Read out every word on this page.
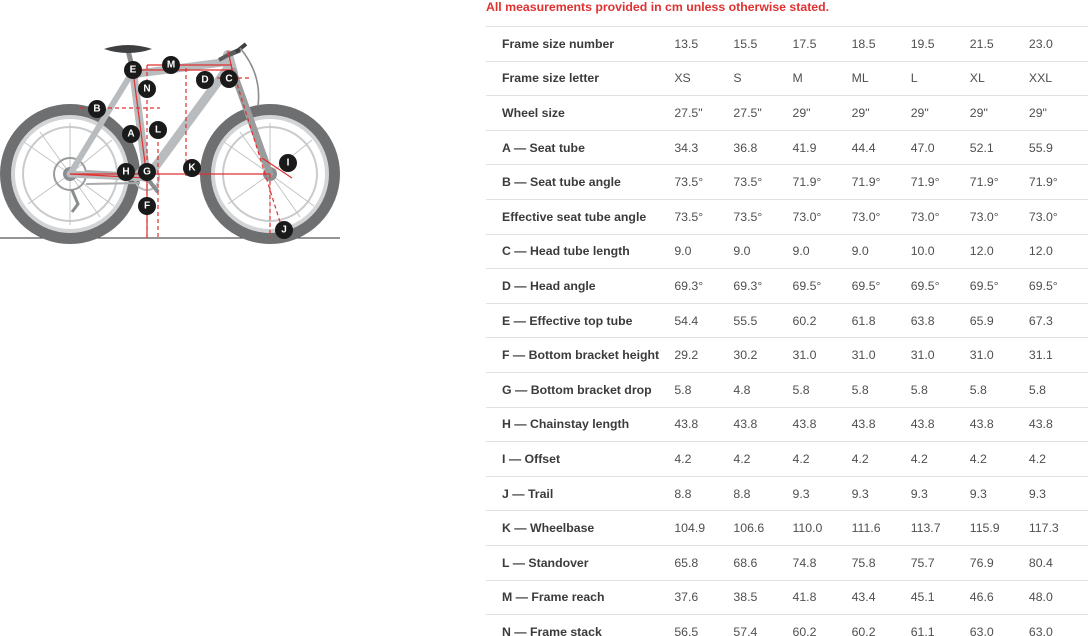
E	M
N
D C
B
A L
H G	K	I
F
J
All measurements provided in cm unless otherwise stated.
Frame size number	13.5	15.5	17.5	18.5	19.5	21.5	23.0
Frame size letter	XS	S	M	ML	L	XL	XXL
Wheel size	27.5"	27.5"	29"	29"	29"	29"	29"
A — Seat tube	34.3	36.8	41.9	44.4	47.0	52.1	55.9
B — Seat tube angle	73.5°	73.5°	71.9°	71.9°	71.9°	71.9°	71.9°
Effective seat tube angle	73.5°	73.5°	73.0°	73.0°	73.0°	73.0°	73.0°
C — Head tube length	9.0	9.0	9.0	9.0	10.0	12.0	12.0
D — Head angle	69.3°	69.3°	69.5°	69.5°	69.5°	69.5°	69.5°
E — Effective top tube	54.4	55.5	60.2	61.8	63.8	65.9	67.3
F — Bottom bracket height	29.2	30.2	31.0	31.0	31.0	31.0	31.1
G — Bottom bracket drop	5.8	4.8	5.8	5.8	5.8	5.8	5.8
H — Chainstay length	43.8	43.8	43.8	43.8	43.8	43.8	43.8
I — Offset	4.2	4.2	4.2	4.2	4.2	4.2	4.2
J — Trail	8.8	8.8	9.3	9.3	9.3	9.3	9.3
K — Wheelbase	104.9	106.6	110.0	111.6	113.7	115.9	117.3
L — Standover	65.8	68.6	74.8	75.8	75.7	76.9	80.4
M — Frame reach	37.6	38.5	41.8	43.4	45.1	46.6	48.0
N — Frame stack	56.5	57.4	60.2	60.2	61.1	63.0	63.0
